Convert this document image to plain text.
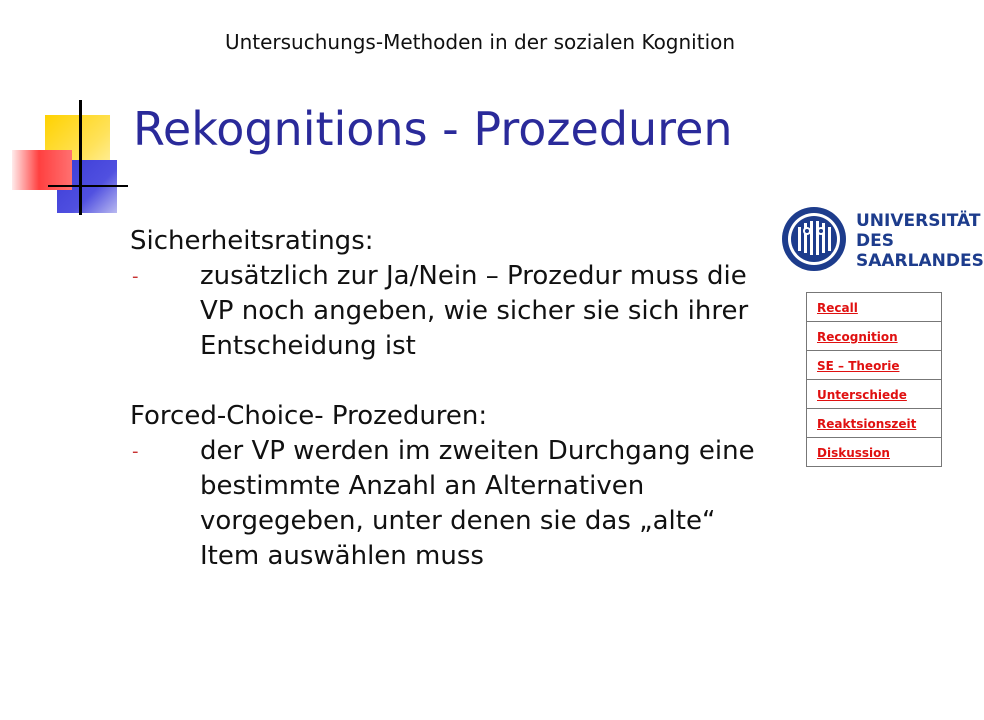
Untersuchungs-Methoden in der sozialen Kognition
Rekognitions - Prozeduren
Sicherheitsratings:
- zusätzlich zur Ja/Nein – Prozedur muss die VP noch angeben, wie sicher sie sich ihrer Entscheidung ist
Forced-Choice- Prozeduren:
- der VP werden im zweiten Durchgang eine bestimmte Anzahl an Alternativen vorgegeben, unter denen sie das „alte“ Item auswählen muss
UNIVERSITÄT
DES
SAARLANDES
Recall
Recognition
SE – Theorie
Unterschiede
Reaktsionszeit
Diskussion
